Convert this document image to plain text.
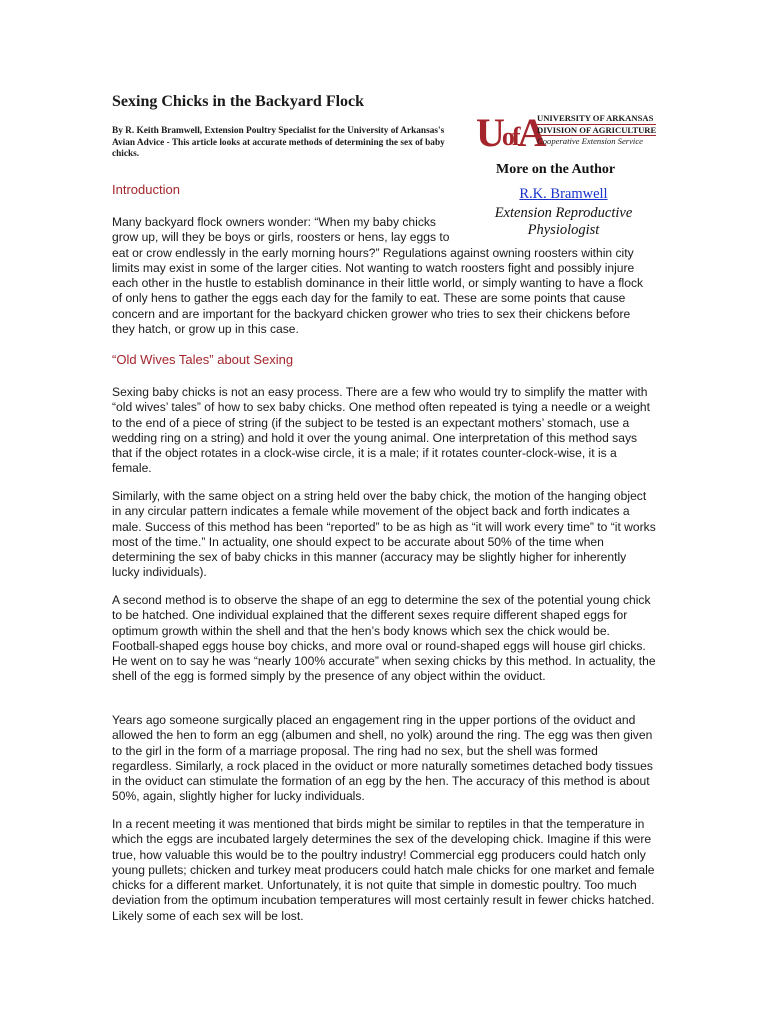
Sexing Chicks in the Backyard Flock

By R. Keith Bramwell, Extension Poultry Specialist for the University of Arkansas's Avian Advice - This article looks at accurate methods of determining the sex of baby chicks.	$U^{of}A$
UNIVERSITY OF ARKANSAS
DIVISION OF AGRICULTURE
Cooperative Extension Service
More on the Author
R.K. Bramwell
Extension Reproductive Physiologist
Introduction

Many backyard flock owners wonder: “When my baby chicks grow up, will they be boys or girls, roosters or hens, lay eggs to eat or crow endlessly in the early morning hours?” Regulations against owning roosters within city limits may exist in some of the larger cities. Not wanting to watch roosters fight and possibly injure each other in the hustle to establish dominance in their little world, or simply wanting to have a flock of only hens to gather the eggs each day for the family to eat. These are some points that cause concern and are important for the backyard chicken grower who tries to sex their chickens before they hatch, or grow up in this case.

“Old Wives Tales” about Sexing

Sexing baby chicks is not an easy process. There are a few who would try to simplify the matter with “old wives’ tales” of how to sex baby chicks. One method often repeated is tying a needle or a weight to the end of a piece of string (if the subject to be tested is an expectant mothers’ stomach, use a wedding ring on a string) and hold it over the young animal. One interpretation of this method says that if the object rotates in a clock-wise circle, it is a male; if it rotates counter-clock-wise, it is a female.

Similarly, with the same object on a string held over the baby chick, the motion of the hanging object in any circular pattern indicates a female while movement of the object back and forth indicates a male. Success of this method has been “reported” to be as high as “it will work every time” to “it works most of the time.” In actuality, one should expect to be accurate about 50% of the time when determining the sex of baby chicks in this manner (accuracy may be slightly higher for inherently lucky individuals).

A second method is to observe the shape of an egg to determine the sex of the potential young chick to be hatched. One individual explained that the different sexes require different shaped eggs for optimum growth within the shell and that the hen’s body knows which sex the chick would be. Football-shaped eggs house boy chicks, and more oval or round-shaped eggs will house girl chicks. He went on to say he was “nearly 100% accurate” when sexing chicks by this method. In actuality, the shell of the egg is formed simply by the presence of any object within the oviduct.

Years ago someone surgically placed an engagement ring in the upper portions of the oviduct and allowed the hen to form an egg (albumen and shell, no yolk) around the ring. The egg was then given to the girl in the form of a marriage proposal. The ring had no sex, but the shell was formed regardless. Similarly, a rock placed in the oviduct or more naturally sometimes detached body tissues in the oviduct can stimulate the formation of an egg by the hen. The accuracy of this method is about 50%, again, slightly higher for lucky individuals.

In a recent meeting it was mentioned that birds might be similar to reptiles in that the temperature in which the eggs are incubated largely determines the sex of the developing chick. Imagine if this were true, how valuable this would be to the poultry industry! Commercial egg producers could hatch only young pullets; chicken and turkey meat producers could hatch male chicks for one market and female chicks for a different market. Unfortunately, it is not quite that simple in domestic poultry. Too much deviation from the optimum incubation temperatures will most certainly result in fewer chicks hatched. Likely some of each sex will be lost.
